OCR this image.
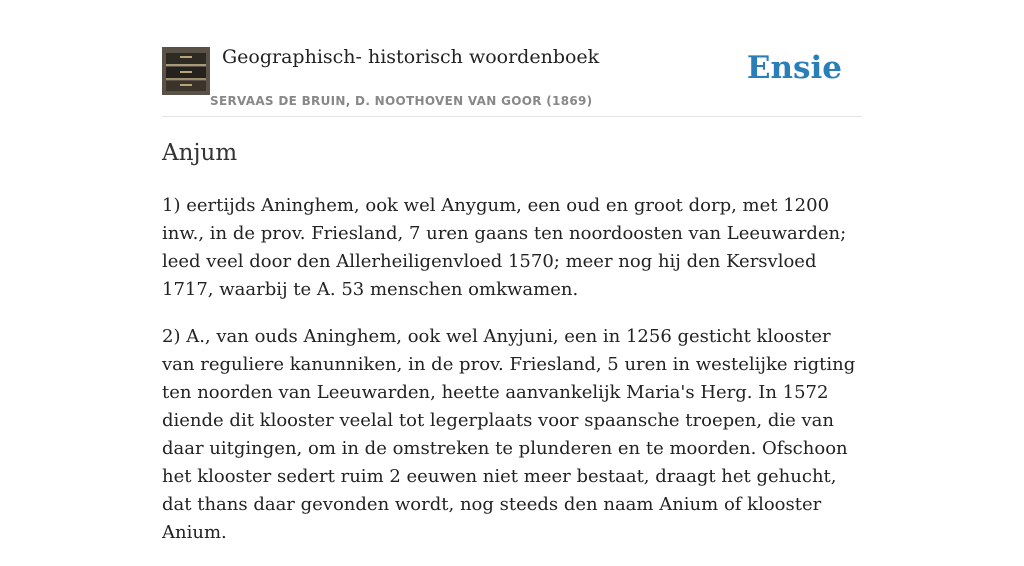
Geographisch- historisch woordenboek
SERVAAS DE BRUIN, D. NOOTHOVEN VAN GOOR (1869)
Ensie
Anjum

1) eertijds Aninghem, ook wel Anygum, een oud en groot dorp, met 1200 inw., in de prov. Friesland, 7 uren gaans ten noordoosten van Leeuwarden; leed veel door den Allerheiligenvloed 1570; meer nog hij den Kersvloed 1717, waarbij te A. 53 menschen omkwamen.

2) A., van ouds Aninghem, ook wel Anyjuni, een in 1256 gesticht klooster van reguliere kanunniken, in de prov. Friesland, 5 uren in westelijke rigting ten noorden van Leeuwarden, heette aanvankelijk Maria's Herg. In 1572 diende dit klooster veelal tot legerplaats voor spaansche troepen, die van daar uitgingen, om in de omstreken te plunderen en te moorden. Ofschoon het klooster sedert ruim 2 eeuwen niet meer bestaat, draagt het gehucht, dat thans daar gevonden wordt, nog steeds den naam Anium of klooster Anium.
